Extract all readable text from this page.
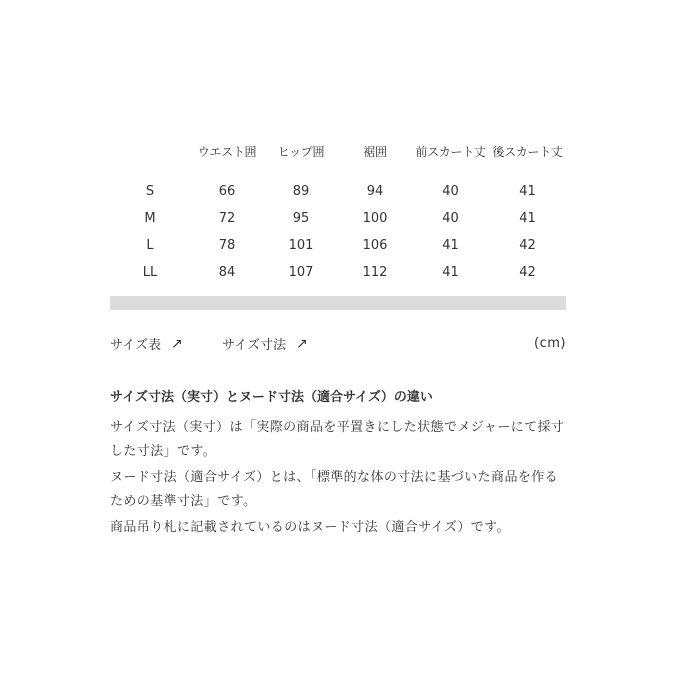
	ウエスト囲	ヒップ囲	裾囲	前スカート丈	後スカート丈
S	66	89	94	40	41
M	72	95	100	40	41
L	78	101	106	41	42
LL	84	107	112	41	42
サイズ表 ↗	サイズ寸法 ↗	(cm)

サイズ寸法（実寸）とヌード寸法（適合サイズ）の違い

サイズ寸法（実寸）は「実際の商品を平置きにした状態でメジャーにて採寸した寸法」です。

ヌード寸法（適合サイズ）とは、「標準的な体の寸法に基づいた商品を作るための基準寸法」です。

商品吊り札に記載されているのはヌード寸法（適合サイズ）です。
